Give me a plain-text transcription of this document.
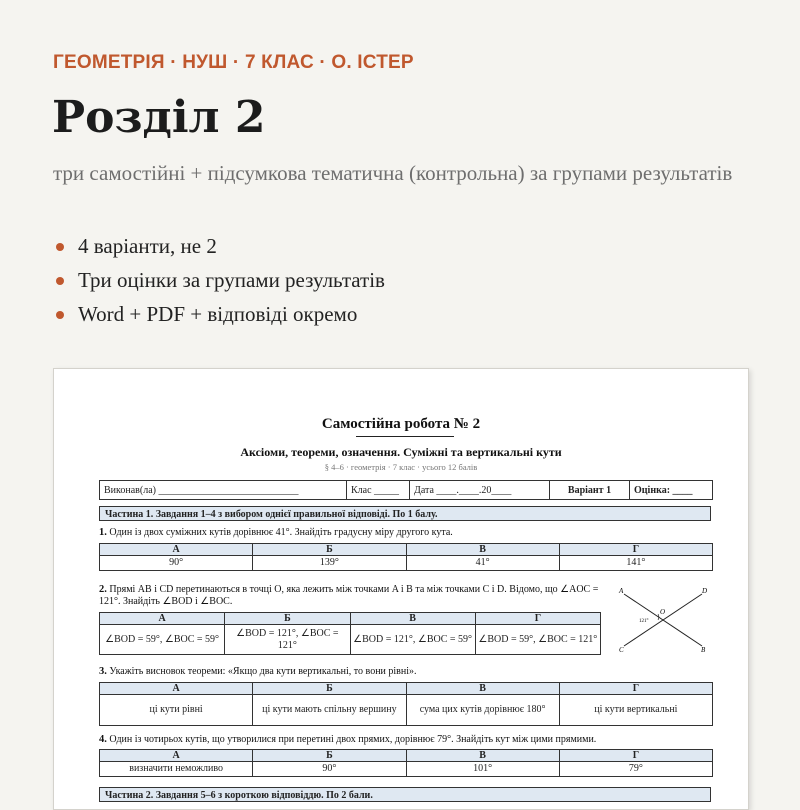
ГЕОМЕТРІЯ · НУШ · 7 КЛАС · О. ІСТЕР
Розділ 2
три самостійні + підсумкова тематична (контрольна) за групами результатів
4 варіанти, не 2
Три оцінки за групами результатів
Word + PDF + відповіді окремо
Самостійна робота № 2
Аксіоми, теореми, означення. Суміжні та вертикальні кути
§ 4–6 · геометрія · 7 клас · усього 12 балів
Виконав(ла) ____________________________	Клас _____	Дата ____.____.20____	Варіант 1	Оцінка: ____
Частина 1. Завдання 1–4 з вибором однієї правильної відповіді. По 1 балу.
1. Один із двох суміжних кутів дорівнює 41°. Знайдіть градусну міру другого кута.
А	Б	В	Г
90°	139°	41°	141°
2. Прямі AB і CD перетинаються в точці O, яка лежить між точками A і B та між точками C і D. Відомо, що ∠AOC = 121°. Знайдіть ∠BOD і ∠BOC.
А	Б	В	Г
∠BOD = 59°, ∠BOC = 59°	∠BOD = 121°, ∠BOC = 121°	∠BOD = 121°, ∠BOC = 59°	∠BOD = 59°, ∠BOC = 121°
A	D
C	B
O
121°
3. Укажіть висновок теореми: «Якщо два кути вертикальні, то вони рівні».
А	Б	В	Г
ці кути рівні	ці кути мають спільну вершину	сума цих кутів дорівнює 180°	ці кути вертикальні
4. Один із чотирьох кутів, що утворилися при перетині двох прямих, дорівнює 79°. Знайдіть кут між цими прямими.
А	Б	В	Г
визначити неможливо	90°	101°	79°
Частина 2. Завдання 5–6 з короткою відповіддю. По 2 бали.
